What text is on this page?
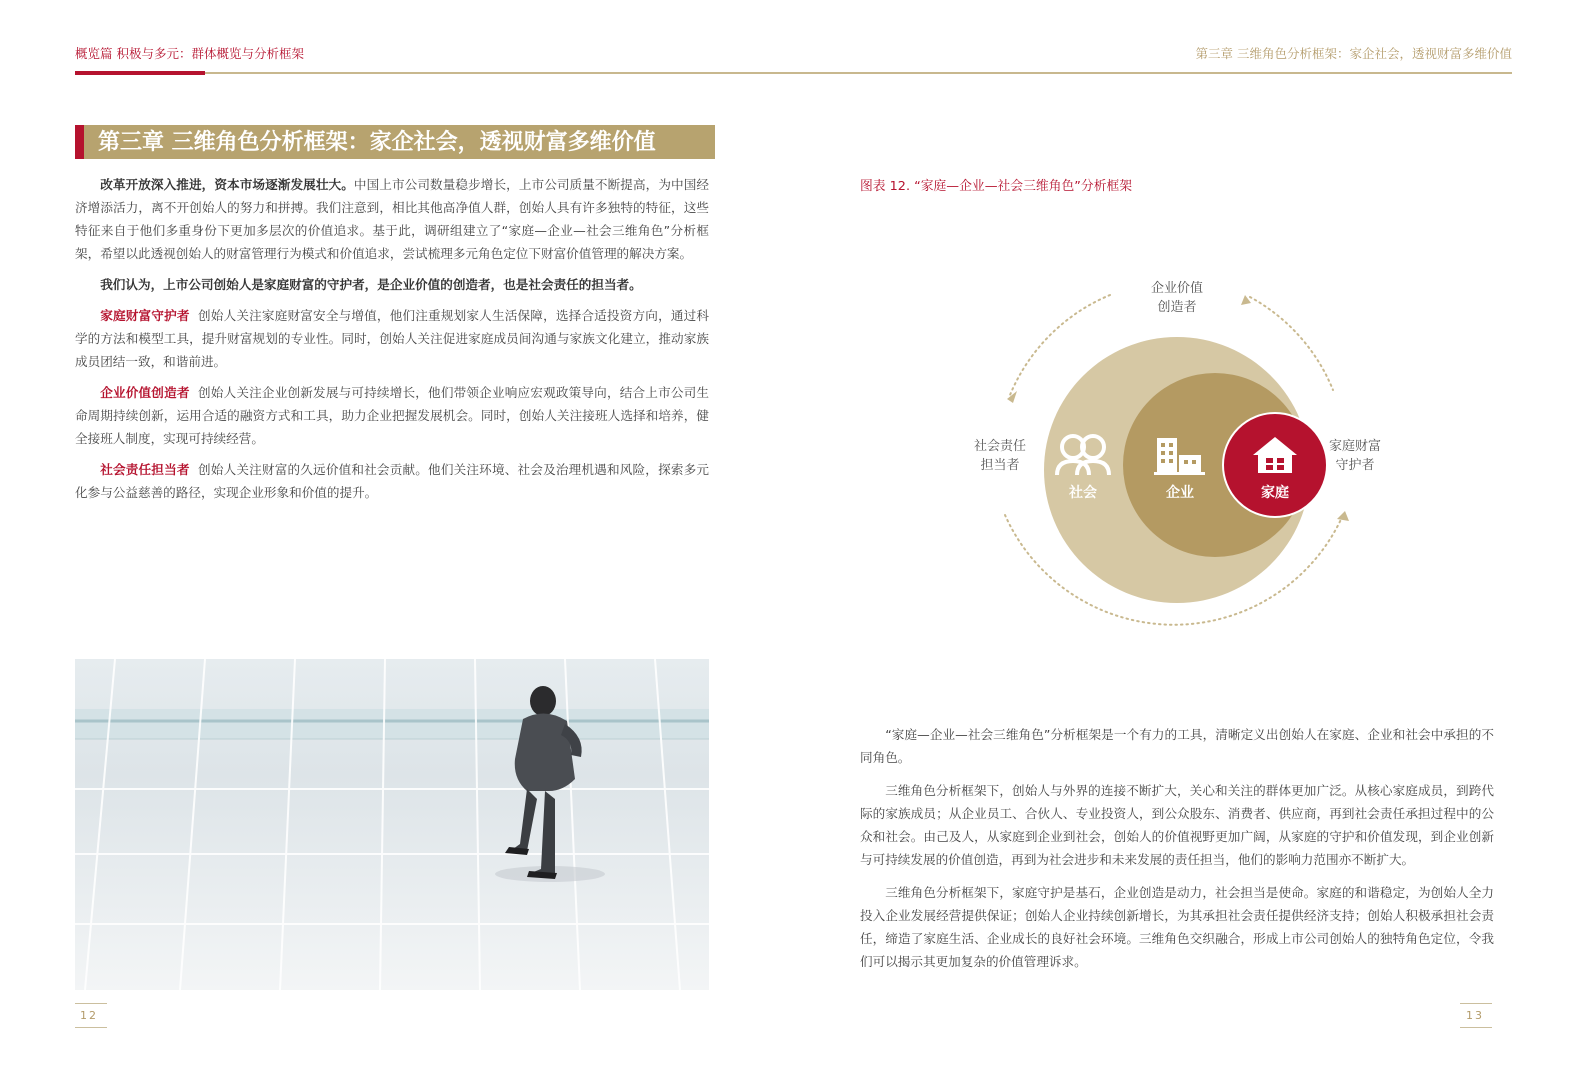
概览篇 积极与多元：群体概览与分析框架	第三章 三维角色分析框架：家企社会，透视财富多维价值
第三章 三维角色分析框架：家企社会，透视财富多维价值

改革开放深入推进，资本市场逐渐发展壮大。中国上市公司数量稳步增长，上市公司质量不断提高，为中国经济增添活力，离不开创始人的努力和拼搏。我们注意到，相比其他高净值人群，创始人具有许多独特的特征，这些特征来自于他们多重身份下更加多层次的价值追求。基于此，调研组建立了“家庭—企业—社会三维角色”分析框架，希望以此透视创始人的财富管理行为模式和价值追求，尝试梳理多元角色定位下财富价值管理的解决方案。

我们认为，上市公司创始人是家庭财富的守护者，是企业价值的创造者，也是社会责任的担当者。

家庭财富守护者 创始人关注家庭财富安全与增值，他们注重规划家人生活保障，选择合适投资方向，通过科学的方法和模型工具，提升财富规划的专业性。同时，创始人关注促进家庭成员间沟通与家族文化建立，推动家族成员团结一致，和谐前进。

企业价值创造者 创始人关注企业创新发展与可持续增长，他们带领企业响应宏观政策导向，结合上市公司生命周期持续创新，运用合适的融资方式和工具，助力企业把握发展机会。同时，创始人关注接班人选择和培养，健全接班人制度，实现可持续经营。

社会责任担当者 创始人关注财富的久远价值和社会贡献。他们关注环境、社会及治理机遇和风险，探索多元化参与公益慈善的路径，实现企业形象和价值的提升。

图表 12. “家庭—企业—社会三维角色”分析框架
企业价值
创造者
社会责任
担当者
家庭财富
守护者
社会	企业	家庭

“家庭—企业—社会三维角色”分析框架是一个有力的工具，清晰定义出创始人在家庭、企业和社会中承担的不同角色。

三维角色分析框架下，创始人与外界的连接不断扩大，关心和关注的群体更加广泛。从核心家庭成员，到跨代际的家族成员；从企业员工、合伙人、专业投资人，到公众股东、消费者、供应商，再到社会责任承担过程中的公众和社会。由己及人，从家庭到企业到社会，创始人的价值视野更加广阔，从家庭的守护和价值发现，到企业创新与可持续发展的价值创造，再到为社会进步和未来发展的责任担当，他们的影响力范围亦不断扩大。

三维角色分析框架下，家庭守护是基石，企业创造是动力，社会担当是使命。家庭的和谐稳定，为创始人全力投入企业发展经营提供保证；创始人企业持续创新增长，为其承担社会责任提供经济支持；创始人积极承担社会责任，缔造了家庭生活、企业成长的良好社会环境。三维角色交织融合，形成上市公司创始人的独特角色定位，令我们可以揭示其更加复杂的价值管理诉求。

12	13
